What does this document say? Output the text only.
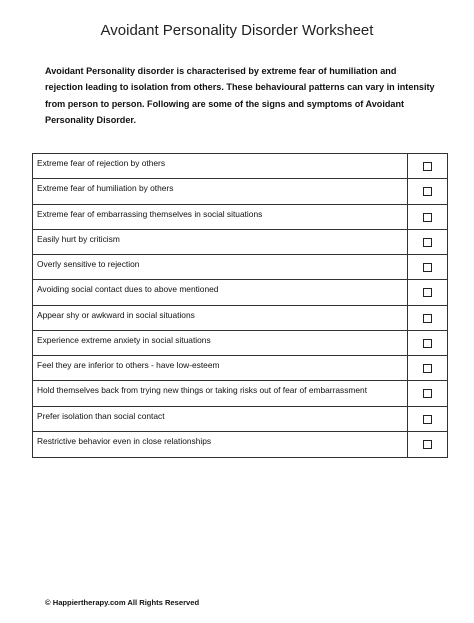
Avoidant Personality Disorder Worksheet
Avoidant Personality disorder is characterised by extreme fear of humiliation and rejection leading to isolation from others. These behavioural patterns can vary in intensity from person to person. Following are some of the signs and symptoms of Avoidant Personality Disorder.
Extreme fear of rejection by others
Extreme fear of humiliation by others
Extreme fear of embarrassing themselves in social situations
Easily hurt by criticism
Overly sensitive to rejection
Avoiding social contact dues to above mentioned
Appear shy or awkward in social situations
Experience extreme anxiety in social situations
Feel they are inferior to others - have low-esteem
Hold themselves back from trying new things or taking risks out of fear of embarrassment
Prefer isolation than social contact
Restrictive behavior even in close relationships
© Happiertherapy.com All Rights Reserved
